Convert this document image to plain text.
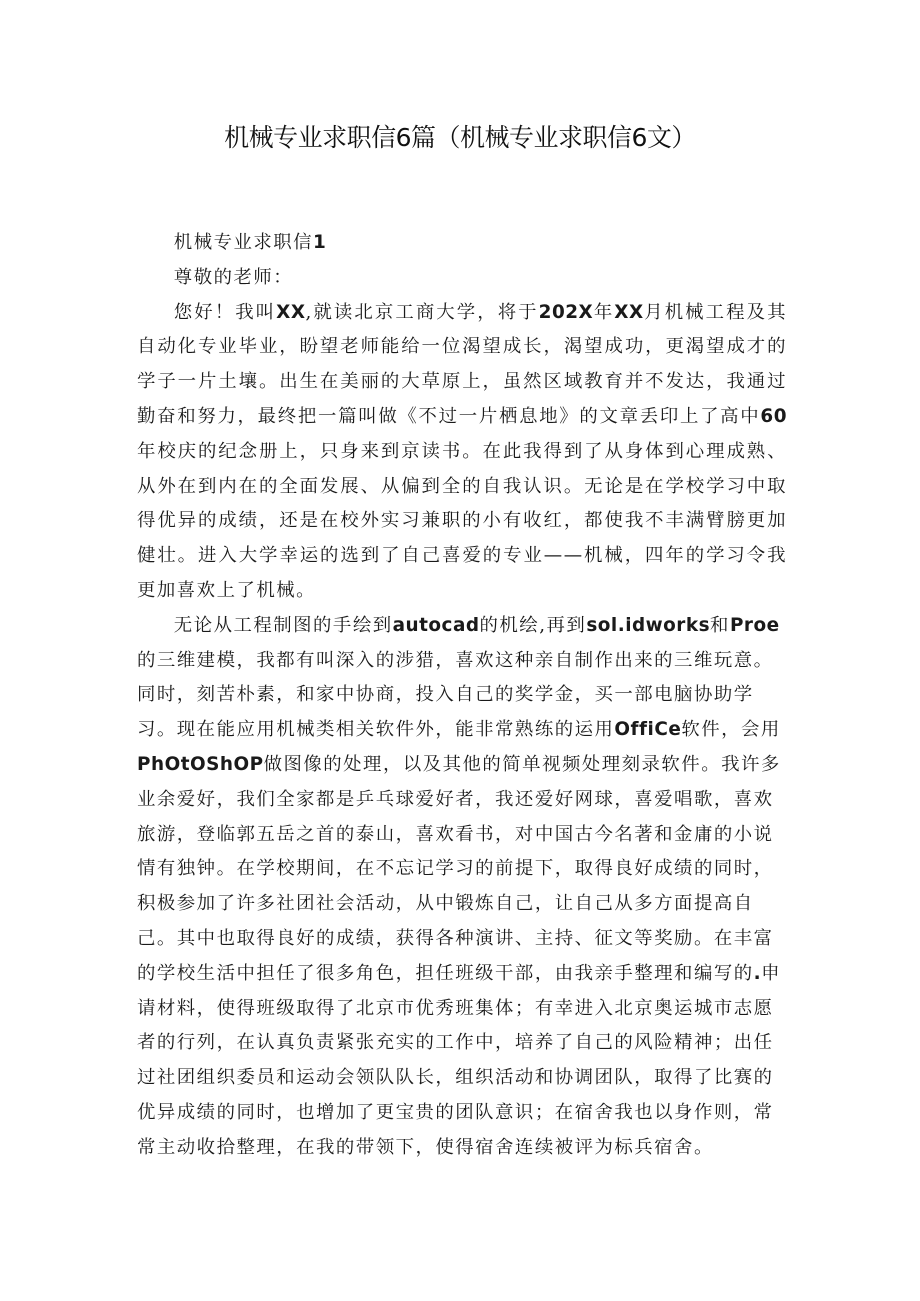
机械专业求职信6篇（机械专业求职信6文）

机械专业求职信1

尊敬的老师：

您好！我叫XX,就读北京工商大学，将于202X年XX月机械工程及其自动化专业毕业，盼望老师能给一位渴望成长，渴望成功，更渴望成才的学子一片土壤。出生在美丽的大草原上，虽然区域教育并不发达，我通过勤奋和努力，最终把一篇叫做《不过一片栖息地》的文章丢印上了高中60年校庆的纪念册上，只身来到京读书。在此我得到了从身体到心理成熟、从外在到内在的全面发展、从偏到全的自我认识。无论是在学校学习中取得优异的成绩，还是在校外实习兼职的小有收红，都使我不丰满臂膀更加健壮。进入大学幸运的选到了自己喜爱的专业——机械，四年的学习令我更加喜欢上了机械。

无论从工程制图的手绘到autocad的机绘,再到sol.idworks和Proe的三维建模，我都有叫深入的涉猎，喜欢这种亲自制作出来的三维玩意。同时，刻苦朴素，和家中协商，投入自己的奖学金，买一部电脑协助学习。现在能应用机械类相关软件外，能非常熟练的运用OffiCe软件，会用PhOtOShOP做图像的处理，以及其他的简单视频处理刻录软件。我许多业余爱好，我们全家都是乒乓球爱好者，我还爱好网球，喜爱唱歌，喜欢旅游，登临郭五岳之首的泰山，喜欢看书，对中国古今名著和金庸的小说情有独钟。在学校期间，在不忘记学习的前提下，取得良好成绩的同时，积极参加了许多社团社会活动，从中锻炼自己，让自己从多方面提高自己。其中也取得良好的成绩，获得各种演讲、主持、征文等奖励。在丰富的学校生活中担任了很多角色，担任班级干部，由我亲手整理和编写的.申请材料，使得班级取得了北京市优秀班集体；有幸进入北京奥运城市志愿者的行列，在认真负责紧张充实的工作中，培养了自己的风险精神；出任过社团组织委员和运动会领队队长，组织活动和协调团队，取得了比赛的优异成绩的同时，也增加了更宝贵的团队意识；在宿舍我也以身作则，常常主动收拾整理，在我的带领下，使得宿舍连续被评为标兵宿舍。
